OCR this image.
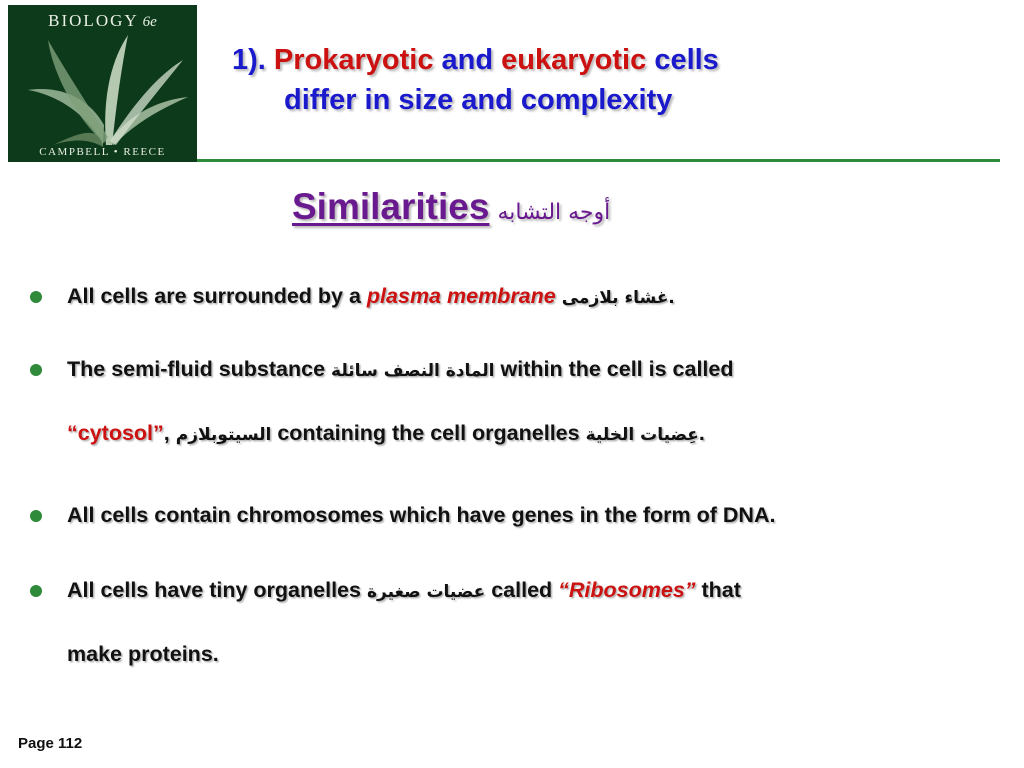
BIOLOGY 6e
CAMPBELL • REECE
1). Prokaryotic and eukaryotic cells
differ in size and complexity
Similarities أوجه التشابه
All cells are surrounded by a plasma membrane غشاء بلازمى.
The semi-fluid substance المادة النصف سائلة within the cell is called
“cytosol”, السيتوبلازم containing the cell organelles عِضيات الخلية.
All cells contain chromosomes which have genes in the form of DNA.
All cells have tiny organelles عضيات صغيرة called “Ribosomes” that
make proteins.
Page 112
